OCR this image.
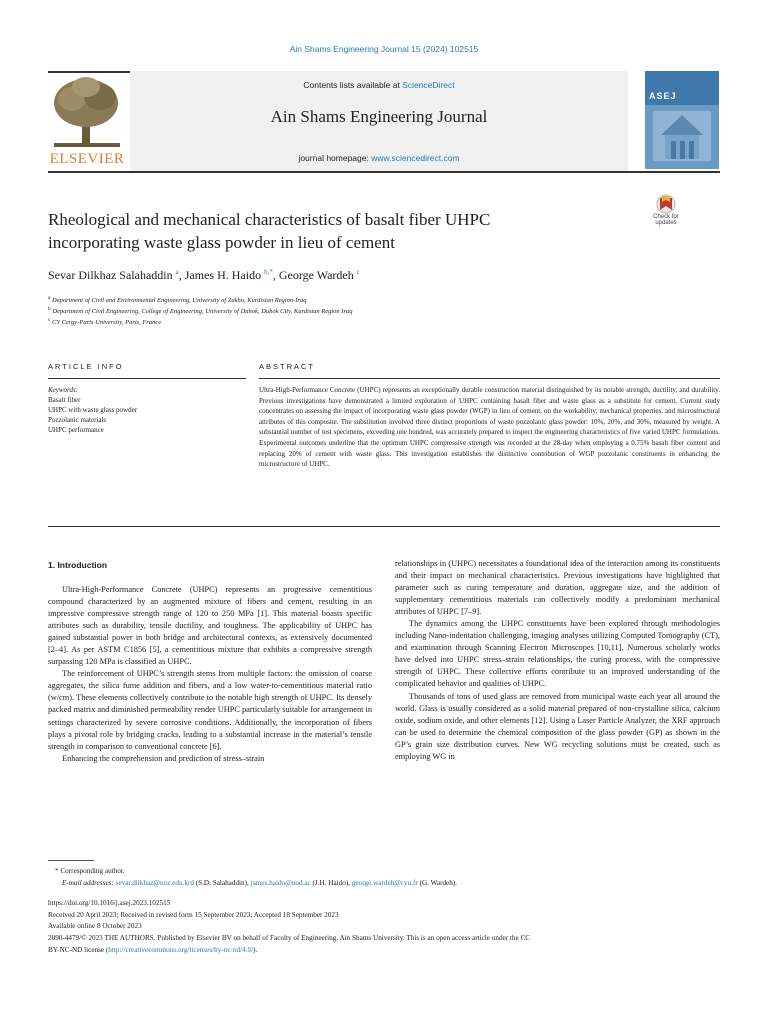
Ain Shams Engineering Journal 15 (2024) 102515
ELSEVIER
Contents lists available at ScienceDirect
Ain Shams Engineering Journal
journal homepage: www.sciencedirect.com
ASEJ
Check for
updates
Rheological and mechanical characteristics of basalt fiber UHPC
incorporating waste glass powder in lieu of cement
Sevar Dilkhaz Salahaddin $^a$, James H. Haido $^{b,*}$, George Wardeh $^c$
$^a$ Department of Civil and Environmental Engineering, University of Zakho, Kurdistan Region-Iraq
$^b$ Department of Civil Engineering, College of Engineering, University of Duhok, Duhok City, Kurdistan Region Iraq
$^c$ CY Cergy-Paris University, Paris, France
ARTICLE INFO	ABSTRACT
Keywords:
Basalt fiber
UHPC with waste glass powder
Pozzolanic materials
UHPC performance
Ultra-High-Performance Concrete (UHPC) represents an exceptionally durable construction material distinguished by its notable strength, ductility, and durability. Previous investigations have demonstrated a limited exploration of UHPC containing basalt fiber and waste glass as a substitute for cement. Current study concentrates on assessing the impact of incorporating waste glass powder (WGP) in lieu of cement, on the workability, mechanical properties, and microstructural attributes of this composite. The substitution involved three distinct proportions of waste pozzolanic glass powder: 10%, 20%, and 30%, measured by weight. A substantial number of test specimens, exceeding one hundred, was accurately prepared to inspect the engineering characteristics of five varied UHPC formulations. Experimental outcomes underline that the optimum UHPC compressive strength was recorded at the 28-day when employing a 0.75% basalt fiber content and replacing 20% of cement with waste glass. This investigation establishes the distinctive contribution of WGP pozzolanic constituents in enhancing the microstructure of UHPC.
1. Introduction

Ultra-High-Performance Concrete (UHPC) represents an progressive cementitious compound characterized by an augmented mixture of fibers and cement, resulting in an impressive compressive strength range of 120 to 250 MPa [1]. This material boasts specific attributes such as durability, tensile ductility, and toughness. The applicability of UHPC has gained substantial power in both bridge and architectural contexts, as extensively documented [2–4]. As per ASTM C1856 [5], a cementitious mixture that exhibits a compressive strength surpassing 120 MPa is classified as UHPC.

The reinforcement of UHPC’s strength stems from multiple factors: the omission of coarse aggregates, the silica fume addition and fibers, and a low water-to-cementitious material ratio (w/cm). These elements collectively contribute to the notable high strength of UHPC. Its densely packed matrix and diminished permeability render UHPC particularly suitable for arrangement in settings characterized by severe corrosive conditions. Additionally, the incorporation of fibers plays a pivotal role by bridging cracks, leading to a substantial increase in the material’s tensile strength in comparison to conventional concrete [6].

Enhancing the comprehension and prediction of stress–strain

relationships in (UHPC) necessitates a foundational idea of the interaction among its constituents and their impact on mechanical characteristics. Previous investigations have highlighted that parameter such as curing temperature and duration, aggregate size, and the addition of supplementary cementitious materials can collectively modify a predominant mechanical attributes of UHPC [7–9].

The dynamics among the UHPC constituents have been explored through methodologies including Nano-indentation challenging, imaging analyses utilizing Computed Tomography (CT), and examination through Scanning Electron Microscopes [10,11]. Numerous scholarly works have delved into UHPC stress–strain relationships, the curing process, with the compressive strength of UHPC. These collective efforts contribute to an improved understanding of the complicated behavior and qualities of UHPC.

Thousands of tons of used glass are removed from municipal waste each year all around the world. Glass is usually considered as a solid material prepared of non-crystalline silica, calcium oxide, sodium oxide, and other elements [12]. Using a Laser Particle Analyzer, the XRF approach can be used to determine the chemical composition of the glass powder (GP) as shown in the GP’s grain size distribution curves. New WG recycling solutions must be created, such as employing WG in

* Corresponding author.
E-mail addresses: sevar.dilkhaz@uoz.edu.krd (S.D. Salahaddin), james.haido@uod.ac (J.H. Haido), george.wardeh@cyu.fr (G. Wardeh).
https://doi.org/10.1016/j.asej.2023.102515
Received 20 April 2023; Received in revised form 15 September 2023; Accepted 18 September 2023
Available online 8 October 2023
2090-4479/© 2023 THE AUTHORS. Published by Elsevier BV on behalf of Faculty of Engineering, Ain Shams University. This is an open access article under the CC
BY-NC-ND license (http://creativecommons.org/licenses/by-nc-nd/4.0/).
